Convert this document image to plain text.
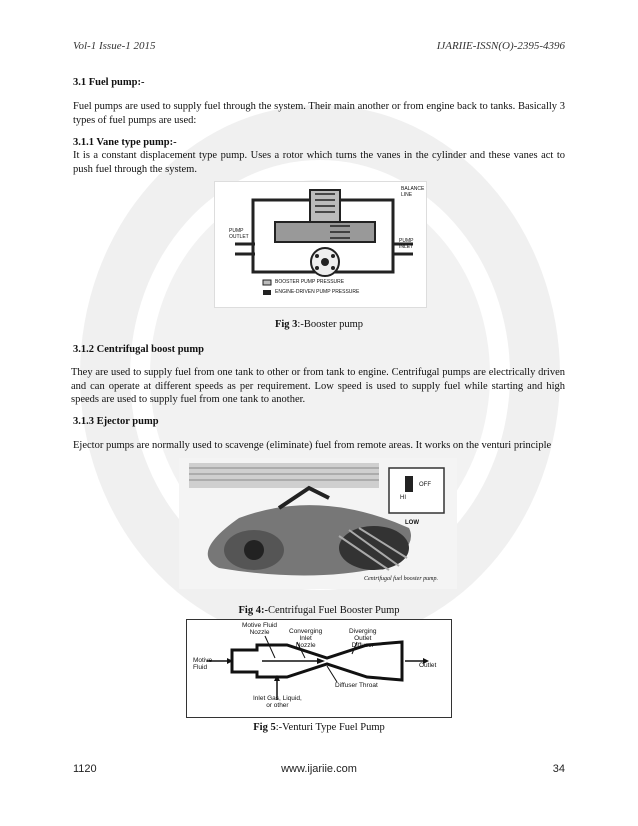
Vol-1 Issue-1 2015	IJARIIE-ISSN(O)-2395-4396
3.1 Fuel pump:-
Fuel pumps are used to supply fuel through the system. Their main another or from engine back to tanks. Basically 3 types of fuel pumps are used:
3.1.1 Vane type pump:-
It is a constant displacement type pump. Uses a rotor which turns the vanes in the cylinder and these vanes act to push fuel through the system.
BALANCE
LINE
PUMP
OUTLET
PUMP
INLET
BOOSTER PUMP PRESSURE
ENGINE-DRIVEN PUMP PRESSURE
Fig 3:-Booster pump
3.1.2 Centrifugal boost pump
They are used to supply fuel from one tank to other or from tank to engine. Centrifugal pumps are electrically driven and can operate at different speeds as per requirement. Low speed is used to supply fuel while starting and high speeds are used to supply fuel from one tank to another.
3.1.3 Ejector pump
Ejector pumps are normally used to scavenge (eliminate) fuel from remote areas. It works on the venturi principle
HI
OFF
LOW
Centrifugal fuel booster pump.
Fig 4:-Centrifugal Fuel Booster Pump
Motive Fluid
Nozzle	Converging
Inlet
Nozzle
Diverging
Outlet
Diffuser
Motive
Fluid	Outlet
Diffuser Throat
Inlet Gas, Liquid,
or other
Fig 5:-Venturi Type Fuel Pump
1120	www.ijariie.com	34
